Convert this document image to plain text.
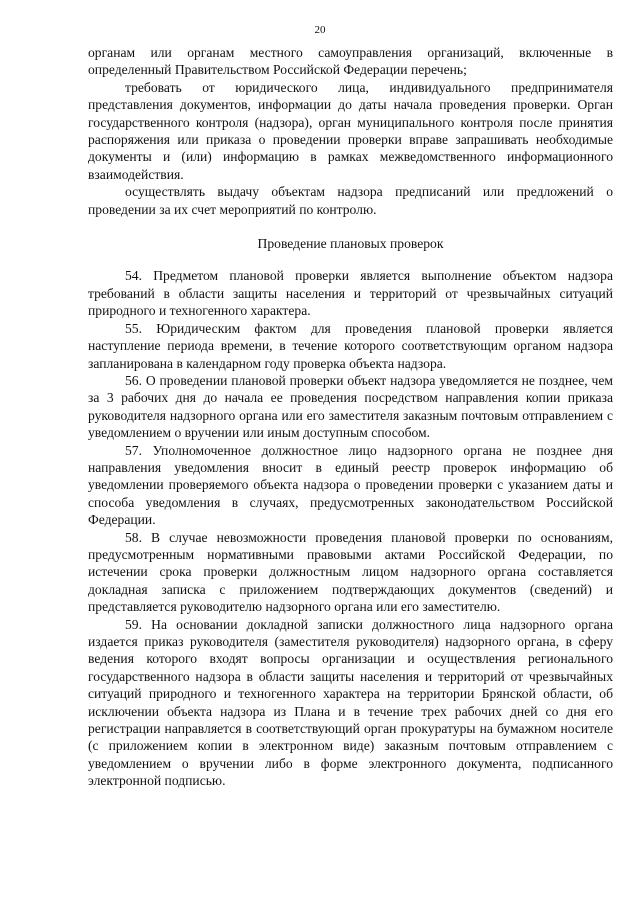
20

органам или органам местного самоуправления организаций, включенные в определенный Правительством Российской Федерации перечень;

требовать от юридического лица, индивидуального предпринимателя представления документов, информации до даты начала проведения проверки. Орган государственного контроля (надзора), орган муниципального контроля после принятия распоряжения или приказа о проведении проверки вправе запрашивать необходимые документы и (или) информацию в рамках межведомственного информационного взаимодействия.

осуществлять выдачу объектам надзора предписаний или предложений о проведении за их счет мероприятий по контролю.

Проведение плановых проверок

54. Предметом плановой проверки является выполнение объектом надзора требований в области защиты населения и территорий от чрезвычайных ситуаций природного и техногенного характера.

55. Юридическим фактом для проведения плановой проверки является наступление периода времени, в течение которого соответствующим органом надзора запланирована в календарном году проверка объекта надзора.

56. О проведении плановой проверки объект надзора уведомляется не позднее, чем за 3 рабочих дня до начала ее проведения посредством направления копии приказа руководителя надзорного органа или его заместителя заказным почтовым отправлением с уведомлением о вручении или иным доступным способом.

57. Уполномоченное должностное лицо надзорного органа не позднее дня направления уведомления вносит в единый реестр проверок информацию об уведомлении проверяемого объекта надзора о проведении проверки с указанием даты и способа уведомления в случаях, предусмотренных законодательством Российской Федерации.

58. В случае невозможности проведения плановой проверки по основаниям, предусмотренным нормативными правовыми актами Российской Федерации, по истечении срока проверки должностным лицом надзорного органа составляется докладная записка с приложением подтверждающих документов (сведений) и представляется руководителю надзорного органа или его заместителю.

59. На основании докладной записки должностного лица надзорного органа издается приказ руководителя (заместителя руководителя) надзорного органа, в сферу ведения которого входят вопросы организации и осуществления регионального государственного надзора в области защиты населения и территорий от чрезвычайных ситуаций природного и техногенного характера на территории Брянской области, об исключении объекта надзора из Плана и в течение трех рабочих дней со дня его регистрации направляется в соответствующий орган прокуратуры на бумажном носителе (с приложением копии в электронном виде) заказным почтовым отправлением с уведомлением о вручении либо в форме электронного документа, подписанного электронной подписью.
